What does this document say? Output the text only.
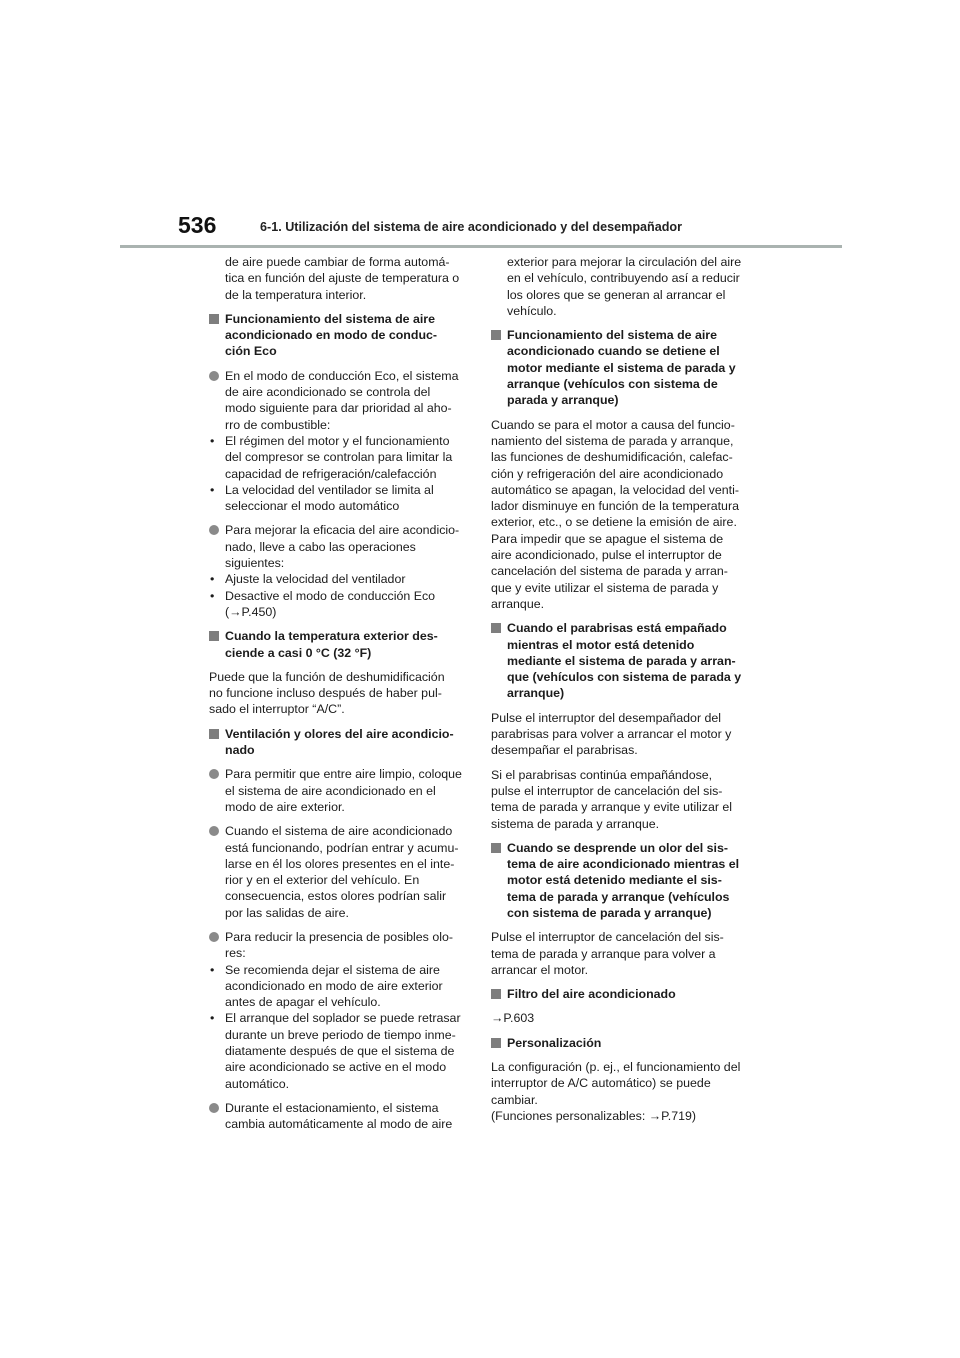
536	6-1. Utilización del sistema de aire acondicionado y del desempañador

de aire puede cambiar de forma automá-
tica en función del ajuste de temperatura o
de la temperatura interior.

Funcionamiento del sistema de aire
acondicionado en modo de conduc-
ción Eco

En el modo de conducción Eco, el sistema
de aire acondicionado se controla del
modo siguiente para dar prioridad al aho-
rro de combustible:

• El régimen del motor y el funcionamiento
del compresor se controlan para limitar la
capacidad de refrigeración/calefacción

• La velocidad del ventilador se limita al
seleccionar el modo automático

Para mejorar la eficacia del aire acondicio-
nado, lleve a cabo las operaciones
siguientes:

• Ajuste la velocidad del ventilador

• Desactive el modo de conducción Eco
(→P.450)

Cuando la temperatura exterior des-
ciende a casi 0 °C (32 °F)

Puede que la función de deshumidificación
no funcione incluso después de haber pul-
sado el interruptor “A/C”.

Ventilación y olores del aire acondicio-
nado

Para permitir que entre aire limpio, coloque
el sistema de aire acondicionado en el
modo de aire exterior.

Cuando el sistema de aire acondicionado
está funcionando, podrían entrar y acumu-
larse en él los olores presentes en el inte-
rior y en el exterior del vehículo. En
consecuencia, estos olores podrían salir
por las salidas de aire.

Para reducir la presencia de posibles olo-
res:

• Se recomienda dejar el sistema de aire
acondicionado en modo de aire exterior
antes de apagar el vehículo.

• El arranque del soplador se puede retrasar
durante un breve periodo de tiempo inme-
diatamente después de que el sistema de
aire acondicionado se active en el modo
automático.

Durante el estacionamiento, el sistema
cambia automáticamente al modo de aire

exterior para mejorar la circulación del aire
en el vehículo, contribuyendo así a reducir
los olores que se generan al arrancar el
vehículo.

Funcionamiento del sistema de aire
acondicionado cuando se detiene el
motor mediante el sistema de parada y
arranque (vehículos con sistema de
parada y arranque)

Cuando se para el motor a causa del funcio-
namiento del sistema de parada y arranque,
las funciones de deshumidificación, calefac-
ción y refrigeración del aire acondicionado
automático se apagan, la velocidad del venti-
lador disminuye en función de la temperatura
exterior, etc., o se detiene la emisión de aire.
Para impedir que se apague el sistema de
aire acondicionado, pulse el interruptor de
cancelación del sistema de parada y arran-
que y evite utilizar el sistema de parada y
arranque.

Cuando el parabrisas está empañado
mientras el motor está detenido
mediante el sistema de parada y arran-
que (vehículos con sistema de parada y
arranque)

Pulse el interruptor del desempañador del
parabrisas para volver a arrancar el motor y
desempañar el parabrisas.

Si el parabrisas continúa empañándose,
pulse el interruptor de cancelación del sis-
tema de parada y arranque y evite utilizar el
sistema de parada y arranque.

Cuando se desprende un olor del sis-
tema de aire acondicionado mientras el
motor está detenido mediante el sis-
tema de parada y arranque (vehículos
con sistema de parada y arranque)

Pulse el interruptor de cancelación del sis-
tema de parada y arranque para volver a
arrancar el motor.

Filtro del aire acondicionado

→P.603

Personalización

La configuración (p. ej., el funcionamiento del
interruptor de A/C automático) se puede
cambiar.
(Funciones personalizables: →P.719)
